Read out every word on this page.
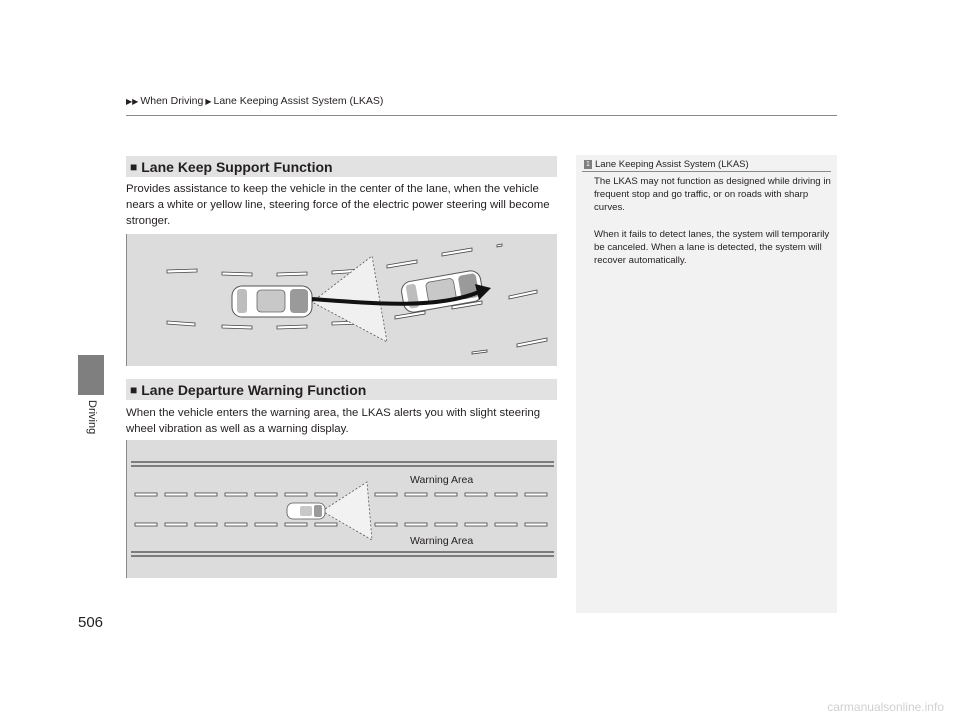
▶▶ When Driving ▶ Lane Keeping Assist System (LKAS)
Driving
■ Lane Keep Support Function
Provides assistance to keep the vehicle in the center of the lane, when the vehicle nears a white or yellow line, steering force of the electric power steering will become stronger.
■ Lane Departure Warning Function
When the vehicle enters the warning area, the LKAS alerts you with slight steering wheel vibration as well as a warning display.
Warning Area
Warning Area
1 Lane Keeping Assist System (LKAS)
The LKAS may not function as designed while driving in frequent stop and go traffic, or on roads with sharp curves.
When it fails to detect lanes, the system will temporarily be canceled. When a lane is detected, the system will recover automatically.
506
carmanualsonline.info
